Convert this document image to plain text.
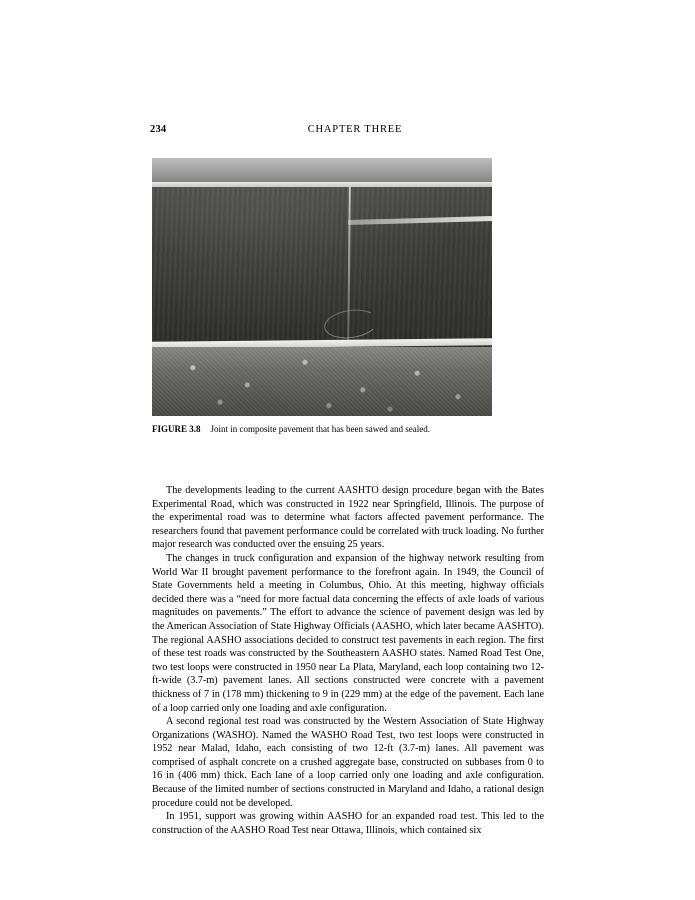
234	CHAPTER THREE
FIGURE 3.8 Joint in composite pavement that has been sawed and sealed.

The developments leading to the current AASHTO design procedure began with the Bates Experimental Road, which was constructed in 1922 near Springfield, Illinois. The purpose of the experimental road was to determine what factors affected pavement performance. The researchers found that pavement performance could be correlated with truck loading. No further major research was conducted over the ensuing 25 years.

The changes in truck configuration and expansion of the highway network resulting from World War II brought pavement performance to the forefront again. In 1949, the Council of State Governments held a meeting in Columbus, Ohio. At this meeting, highway officials decided there was a “need for more factual data concerning the effects of axle loads of various magnitudes on pavements.” The effort to advance the science of pavement design was led by the American Association of State Highway Officials (AASHO, which later became AASHTO). The regional AASHO associations decided to construct test pavements in each region. The first of these test roads was constructed by the Southeastern AASHO states. Named Road Test One, two test loops were constructed in 1950 near La Plata, Maryland, each loop containing two 12-ft-wide (3.7-m) pavement lanes. All sections constructed were concrete with a pavement thickness of 7 in (178 mm) thickening to 9 in (229 mm) at the edge of the pavement. Each lane of a loop carried only one loading and axle configuration.

A second regional test road was constructed by the Western Association of State Highway Organizations (WASHO). Named the WASHO Road Test, two test loops were constructed in 1952 near Malad, Idaho, each consisting of two 12-ft (3.7-m) lanes. All pavement was comprised of asphalt concrete on a crushed aggregate base, constructed on subbases from 0 to 16 in (406 mm) thick. Each lane of a loop carried only one loading and axle configuration. Because of the limited number of sections constructed in Maryland and Idaho, a rational design procedure could not be developed.

In 1951, support was growing within AASHO for an expanded road test. This led to the construction of the AASHO Road Test near Ottawa, Illinois, which contained six
